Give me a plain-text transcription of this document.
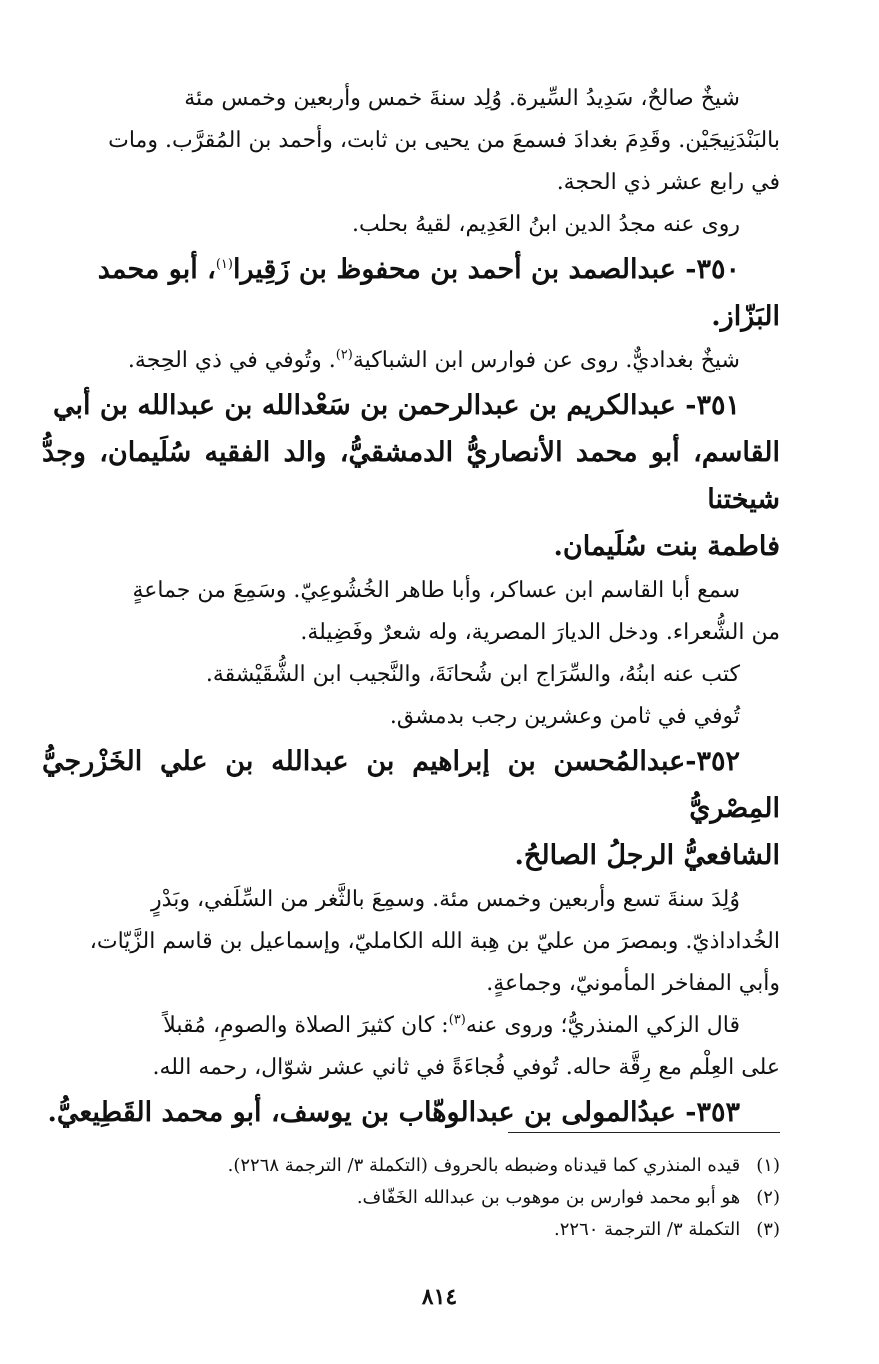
شيخٌ صالحٌ، سَدِيدُ السِّيرة. وُلِد سنةَ خمس وأربعين وخمس مئة

بالبَنْدَنِيجَيْن. وقَدِمَ بغدادَ فسمعَ من يحيى بن ثابت، وأحمد بن المُقرَّب. ومات

في رابع عشر ذي الحجة.

روى عنه مجدُ الدين ابنُ العَدِيم، لقيهُ بحلب.

٣٥٠- عبدالصمد بن أحمد بن محفوظ بن زَقِيرا$^{(١)}$، أبو محمد

البَزّاز.

شيخٌ بغداديٌّ. روى عن فوارس ابن الشباكية$^{(٢)}$. وتُوفي في ذي الحِجة.

٣٥١- عبدالكريم بن عبدالرحمن بن سَعْدالله بن عبدالله بن أبي

القاسم، أبو محمد الأنصاريُّ الدمشقيُّ، والد الفقيه سُلَيمان، وجدُّ شيختنا

فاطمة بنت سُلَيمان.

سمع أبا القاسم ابن عساكر، وأبا طاهر الخُشُوعِيّ. وسَمِعَ من جماعةٍ

من الشُّعراء. ودخل الديارَ المصرية، وله شعرٌ وفَضِيلة.

كتب عنه ابنُهُ، والسِّرَاج ابن شُحانَةَ، والنَّجيب ابن الشُّقَيْشقة.

تُوفي في ثامن وعشرين رجب بدمشق.

٣٥٢-عبدالمُحسن بن إبراهيم بن عبدالله بن علي الخَزْرجيُّ المِصْريُّ

الشافعيُّ الرجلُ الصالحُ.

وُلِدَ سنةَ تسع وأربعين وخمس مئة. وسمِعَ بالثَّغر من السِّلَفي، وبَدْرٍ

الخُداداذيّ. وبمصرَ من عليّ بن هِبة الله الكامليّ، وإسماعيل بن قاسم الزَّيّات،

وأبي المفاخر المأمونيّ، وجماعةٍ.

قال الزكي المنذريُّ؛ وروى عنه$^{(٣)}$: كان كثيرَ الصلاة والصومِ، مُقبلاً

على العِلْم مع رِقَّة حاله. تُوفي فُجاءَةً في ثاني عشر شوّال، رحمه الله.

٣٥٣- عبدُالمولى بن عبدالوهّاب بن يوسف، أبو محمد القَطِيعيُّ.

(١) قيده المنذري كما قيدناه وضبطه بالحروف (التكملة ٣/ الترجمة ٢٢٦٨).

(٢) هو أبو محمد فوارس بن موهوب بن عبدالله الخَفّاف.

(٣) التكملة ٣/ الترجمة ٢٢٦٠.

٨١٤
